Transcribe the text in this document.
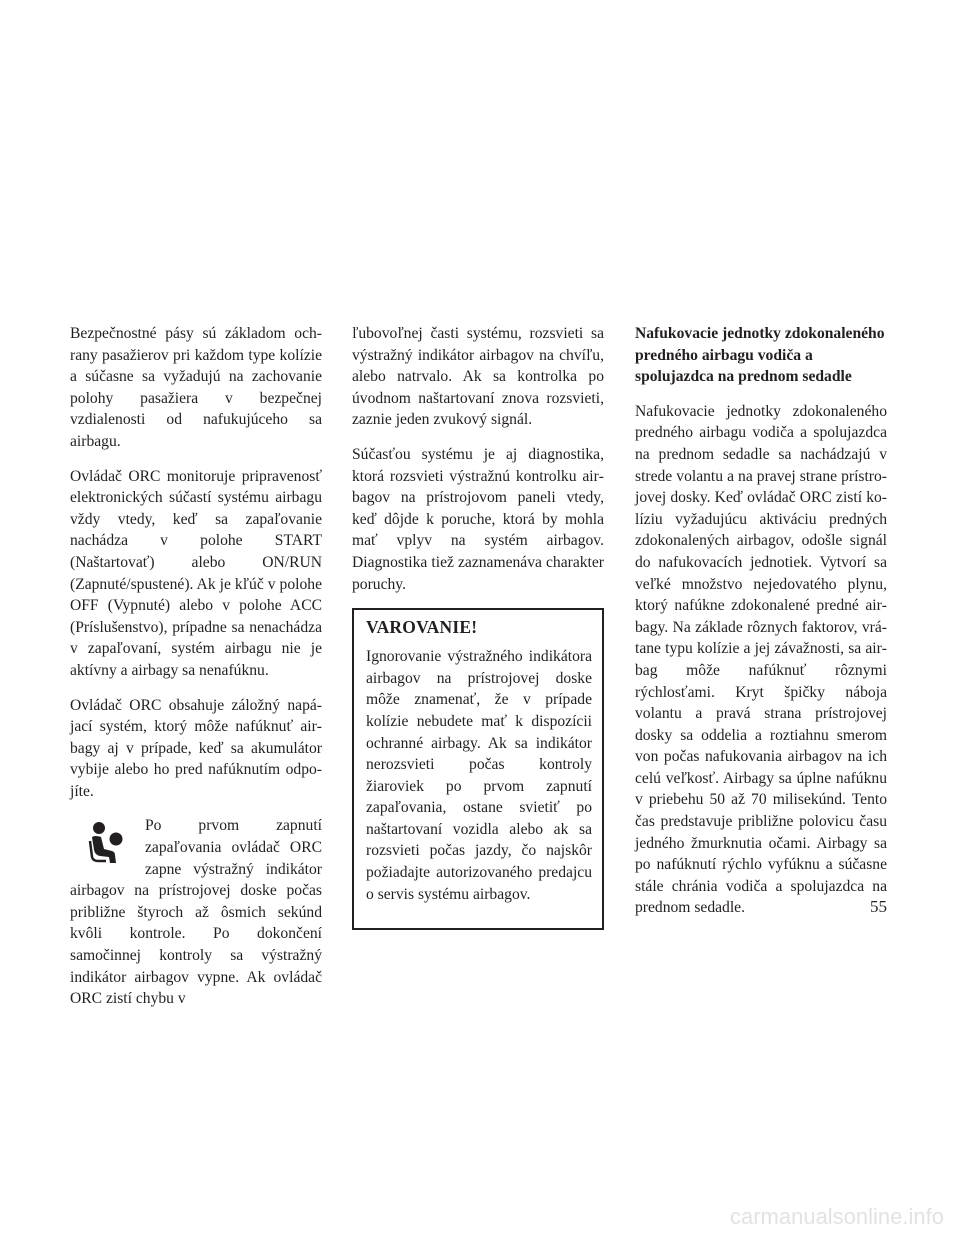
Bezpečnostné pásy sú základom ochrany pasažierov pri každom type kolízie a súčasne sa vyžadujú na zachovanie polohy pasažiera v bezpečnej vzdialenosti od nafukujúceho sa airbagu.

Ovládač ORC monitoruje pripravenosť elektronických súčastí systému airbagu vždy vtedy, keď sa zapaľovanie nachádza v polohe START (Naštartovať) alebo ON/RUN (Zapnuté/spustené). Ak je kľúč v polohe OFF (Vypnuté) alebo v polohe ACC (Príslušenstvo), prípadne sa nenachádza v zapaľovaní, systém airbagu nie je aktívny a airbagy sa nenafúknu.

Ovládač ORC obsahuje záložný napájací systém, ktorý môže nafúknuť airbagy aj v prípade, keď sa akumulátor vybije alebo ho pred nafúknutím odpojíte.

Po prvom zapnutí zapaľovania ovládač ORC zapne výstražný indikátor airbagov na prístrojovej doske počas približne štyroch až ôsmich sekúnd kvôli kontrole. Po dokončení samočinnej kontroly sa výstražný indikátor airbagov vypne. Ak ovládač ORC zistí chybu v

ľubovoľnej časti systému, rozsvieti sa výstražný indikátor airbagov na chvíľu, alebo natrvalo. Ak sa kontrolka po úvodnom naštartovaní znova rozsvieti, zaznie jeden zvukový signál.

Súčasťou systému je aj diagnostika, ktorá rozsvieti výstražnú kontrolku airbagov na prístrojovom paneli vtedy, keď dôjde k poruche, ktorá by mohla mať vplyv na systém airbagov. Diagnostika tiež zaznamenáva charakter poruchy.

VAROVANIE!

Ignorovanie výstražného indikátora airbagov na prístrojovej doske môže znamenať, že v prípade kolízie nebudete mať k dispozícii ochranné airbagy. Ak sa indikátor nerozsvieti počas kontroly žiaroviek po prvom zapnutí zapaľovania, ostane svietiť po naštartovaní vozidla alebo ak sa rozsvieti počas jazdy, čo najskôr požiadajte autorizovaného predajcu o servis systému airbagov.

Nafukovacie jednotky zdokonaleného predného airbagu vodiča a spolujazdca na prednom sedadle

Nafukovacie jednotky zdokonaleného predného airbagu vodiča a spolujazdca na prednom sedadle sa nachádzajú v strede volantu a na pravej strane prístrojovej dosky. Keď ovládač ORC zistí kolíziu vyžadujúcu aktiváciu predných zdokonalených airbagov, odošle signál do nafukovacích jednotiek. Vytvorí sa veľké množstvo nejedovatého plynu, ktorý nafúkne zdokonalené predné airbagy. Na základe rôznych faktorov, vrátane typu kolízie a jej závažnosti, sa airbag môže nafúknuť rôznymi rýchlosťami. Kryt špičky náboja volantu a pravá strana prístrojovej dosky sa oddelia a roztiahnu smerom von počas nafukovania airbagov na ich celú veľkosť. Airbagy sa úplne nafúknu v priebehu 50 až 70 milisekúnd. Tento čas predstavuje približne polovicu času jedného žmurknutia očami. Airbagy sa po nafúknutí rýchlo vyfúknu a súčasne stále chránia vodiča a spolujazdca na prednom sedadle.	55
carmanualsonline.info
